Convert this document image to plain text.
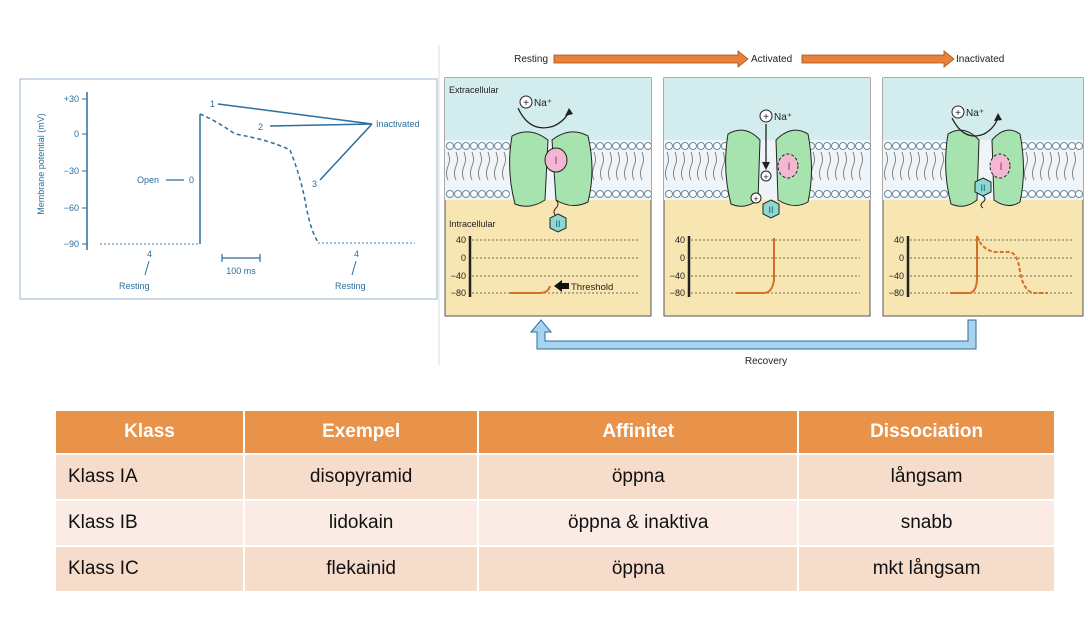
Membrane potential (mV)
+30
0
−30
−60
−90
1
2
3
Open	0
Inactivated
4
Resting
100 ms
4
Resting
Resting	Activated	Inactivated
I
II
+ Na⁺
Extracellular
Intracellular
40
0
−40
−80	Threshold
I
II
+ Na⁺
+
+
40
0
−40
−80
I
II
+ Na⁺
40
0
−40
−80
Recovery
Klass	Exempel	Affinitet	Dissociation
Klass IA	disopyramid	öppna	långsam
Klass IB	lidokain	öppna & inaktiva	snabb
Klass IC	flekainid	öppna	mkt långsam
